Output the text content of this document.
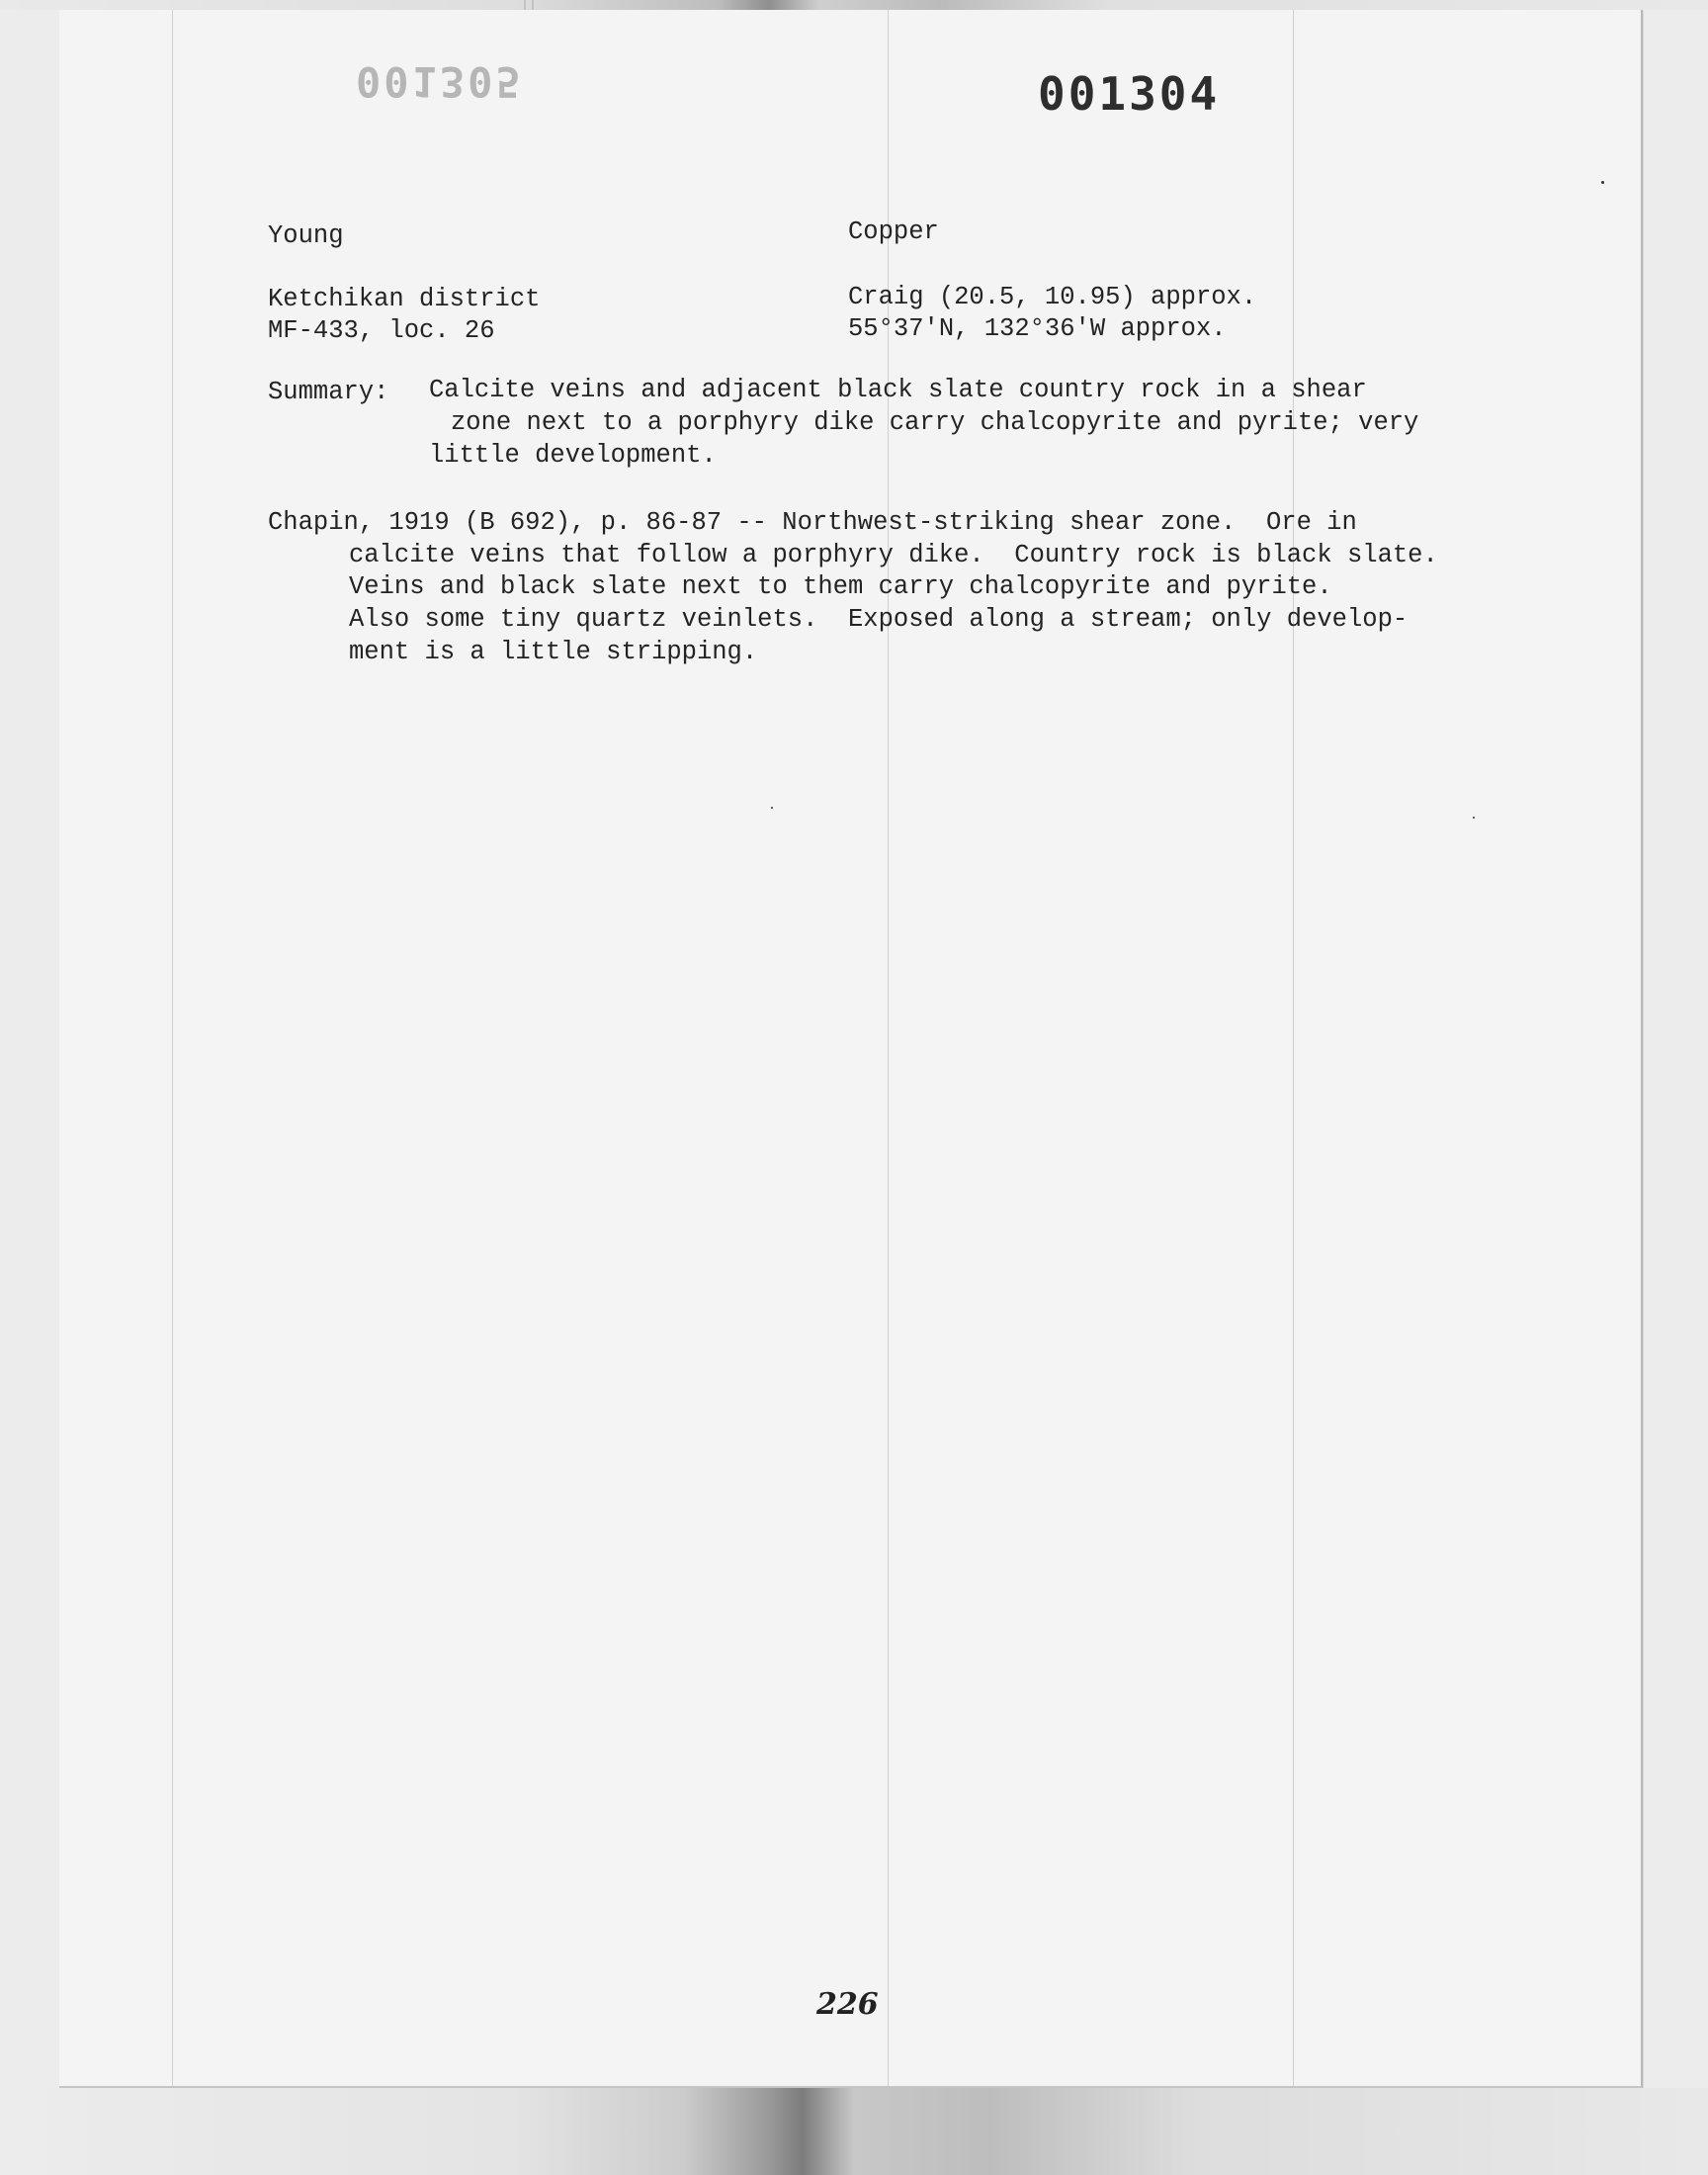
001305	001304
Young	Copper
Ketchikan district
MF-433, loc. 26
Craig (20.5, 10.95) approx.
55°37'N, 132°36'W approx.
Summary: Calcite veins and adjacent black slate country rock in a shear
zone next to a porphyry dike carry chalcopyrite and pyrite; very
little development.
Chapin, 1919 (B 692), p. 86-87 -- Northwest-striking shear zone.  Ore in
calcite veins that follow a porphyry dike.  Country rock is black slate.
Veins and black slate next to them carry chalcopyrite and pyrite.
Also some tiny quartz veinlets.  Exposed along a stream; only develop-
ment is a little stripping.
226
